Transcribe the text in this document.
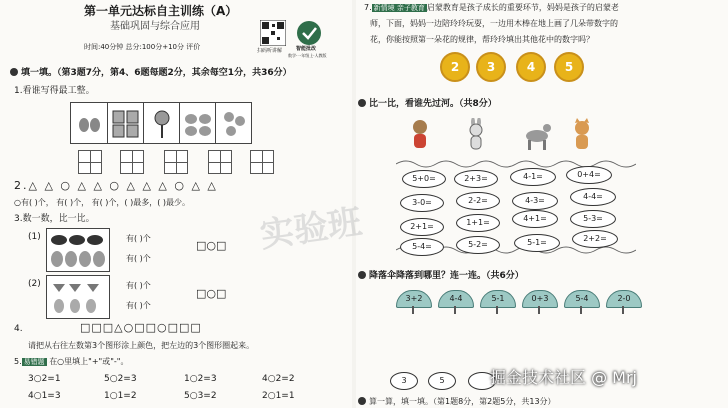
第一单元达标自主训练（A）
基础巩固与综合应用
时间:40分钟 总分:100分+10分 评价	扫码听讲解	智能批改
数学·一年级上·人教版
填一填。（第3题7分，第4、6题每题2分，其余每空1分，共36分）
1.看谁写得最工整。
2.△ △ ○ △ △ ○ △ △ △ ○ △ △
○有( )个， 有( )个， 有( )个，( )最多，( )最少。
3.数一数，比一比。
(1)	有( )个
有( )个
□○□
(2)	有( )个
有( )个
□○□
4.	□□□△○□□○□□□
请把从右往左数第3个图形涂上颜色，把左边的3个图形圈起来。
5. 易错题 在○里填上"+"或"-"。
3○2=1	5○2=3	1○2=3	4○2=2
4○1=3	1○1=2	5○3=2	2○1=1
7. 新情境 亲子教育 启蒙教育是孩子成长的重要环节，妈妈是孩子的启蒙老
师，下面，妈妈一边陪玲玲玩耍，一边用木棒在地上画了几朵带数字的
花，你能按照第一朵花的规律，帮玲玲填出其他花中的数字吗？
2	3	4	5
比一比，看谁先过河。（共8分）
5+0=	2+3=	4-1=	0+4=
3-0=	2-2=	4-3=	4-4=
2+1=	1+1=	4+1=	5-3=
5-4=	5-2=	5-1=	2+2=
降落伞降落到哪里？连一连。（共6分）
3+2	4-4	5-1	0+3	5-4	2-0
3	5
算一算，填一填。（第1题8分，第2题5分，共13分）
实验班
掘金技术社区 @ Mrj
